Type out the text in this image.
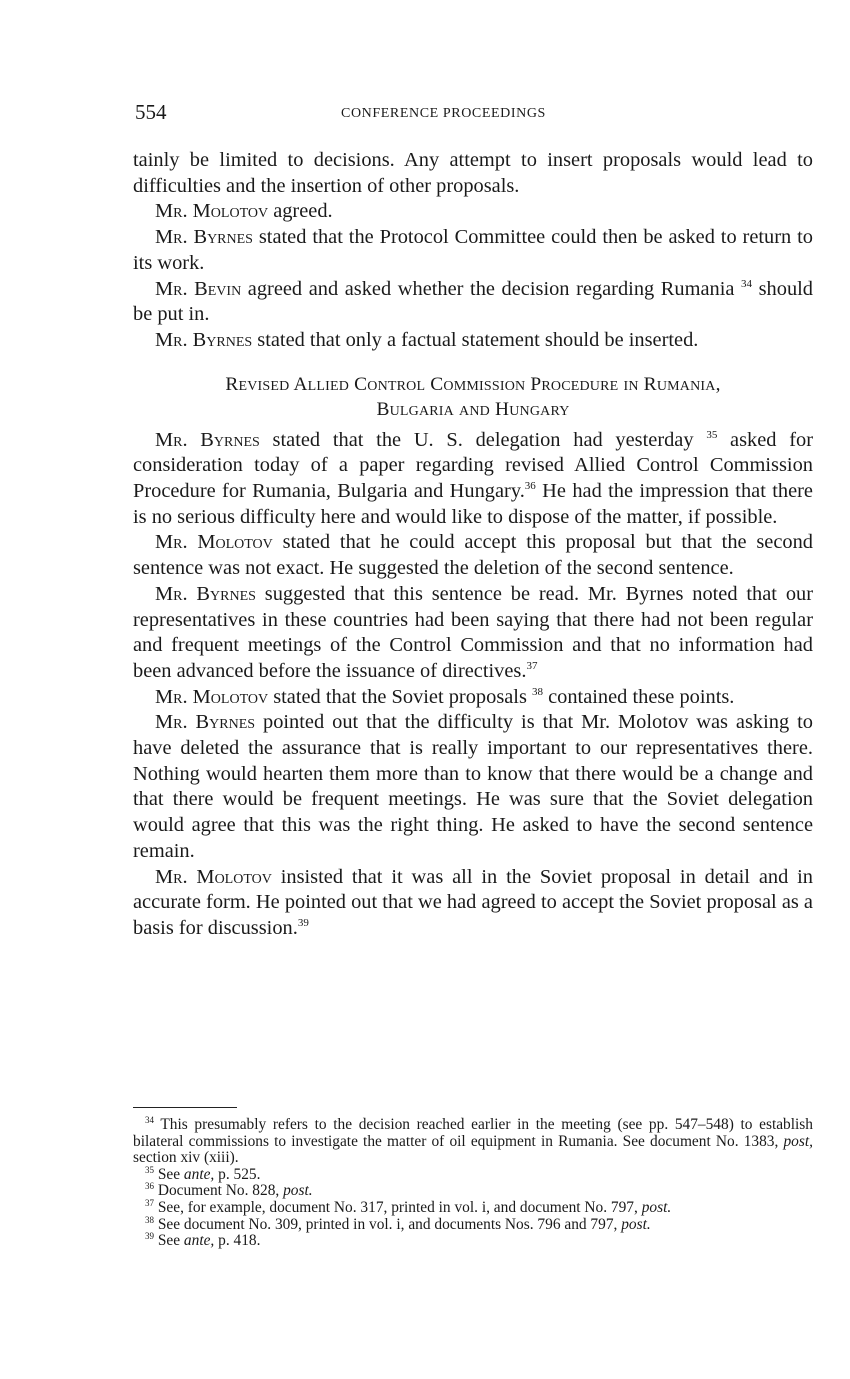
554	CONFERENCE PROCEEDINGS

tainly be limited to decisions. Any attempt to insert proposals would lead to difficulties and the insertion of other proposals.

Mr. Molotov agreed.

Mr. Byrnes stated that the Protocol Committee could then be asked to return to its work.

Mr. Bevin agreed and asked whether the decision regarding Rumania $^{34}$ should be put in.

Mr. Byrnes stated that only a factual statement should be inserted.

Revised Allied Control Commission Procedure in Rumania,
Bulgaria and Hungary

Mr. Byrnes stated that the U. S. delegation had yesterday $^{35}$ asked for consideration today of a paper regarding revised Allied Control Commission Procedure for Rumania, Bulgaria and Hungary.$^{36}$ He had the impression that there is no serious difficulty here and would like to dispose of the matter, if possible.

Mr. Molotov stated that he could accept this proposal but that the second sentence was not exact. He suggested the deletion of the second sentence.

Mr. Byrnes suggested that this sentence be read. Mr. Byrnes noted that our representatives in these countries had been saying that there had not been regular and frequent meetings of the Control Commission and that no information had been advanced before the issuance of directives.$^{37}$

Mr. Molotov stated that the Soviet proposals $^{38}$ contained these points.

Mr. Byrnes pointed out that the difficulty is that Mr. Molotov was asking to have deleted the assurance that is really important to our representatives there. Nothing would hearten them more than to know that there would be a change and that there would be frequent meetings. He was sure that the Soviet delegation would agree that this was the right thing. He asked to have the second sentence remain.

Mr. Molotov insisted that it was all in the Soviet proposal in detail and in accurate form. He pointed out that we had agreed to accept the Soviet proposal as a basis for discussion.$^{39}$

$^{34}$ This presumably refers to the decision reached earlier in the meeting (see pp. 547–548) to establish bilateral commissions to investigate the matter of oil equipment in Rumania. See document No. 1383, post, section xiv (xiii).

$^{35}$ See ante, p. 525.

$^{36}$ Document No. 828, post.

$^{37}$ See, for example, document No. 317, printed in vol. i, and document No. 797, post.

$^{38}$ See document No. 309, printed in vol. i, and documents Nos. 796 and 797, post.

$^{39}$ See ante, p. 418.
